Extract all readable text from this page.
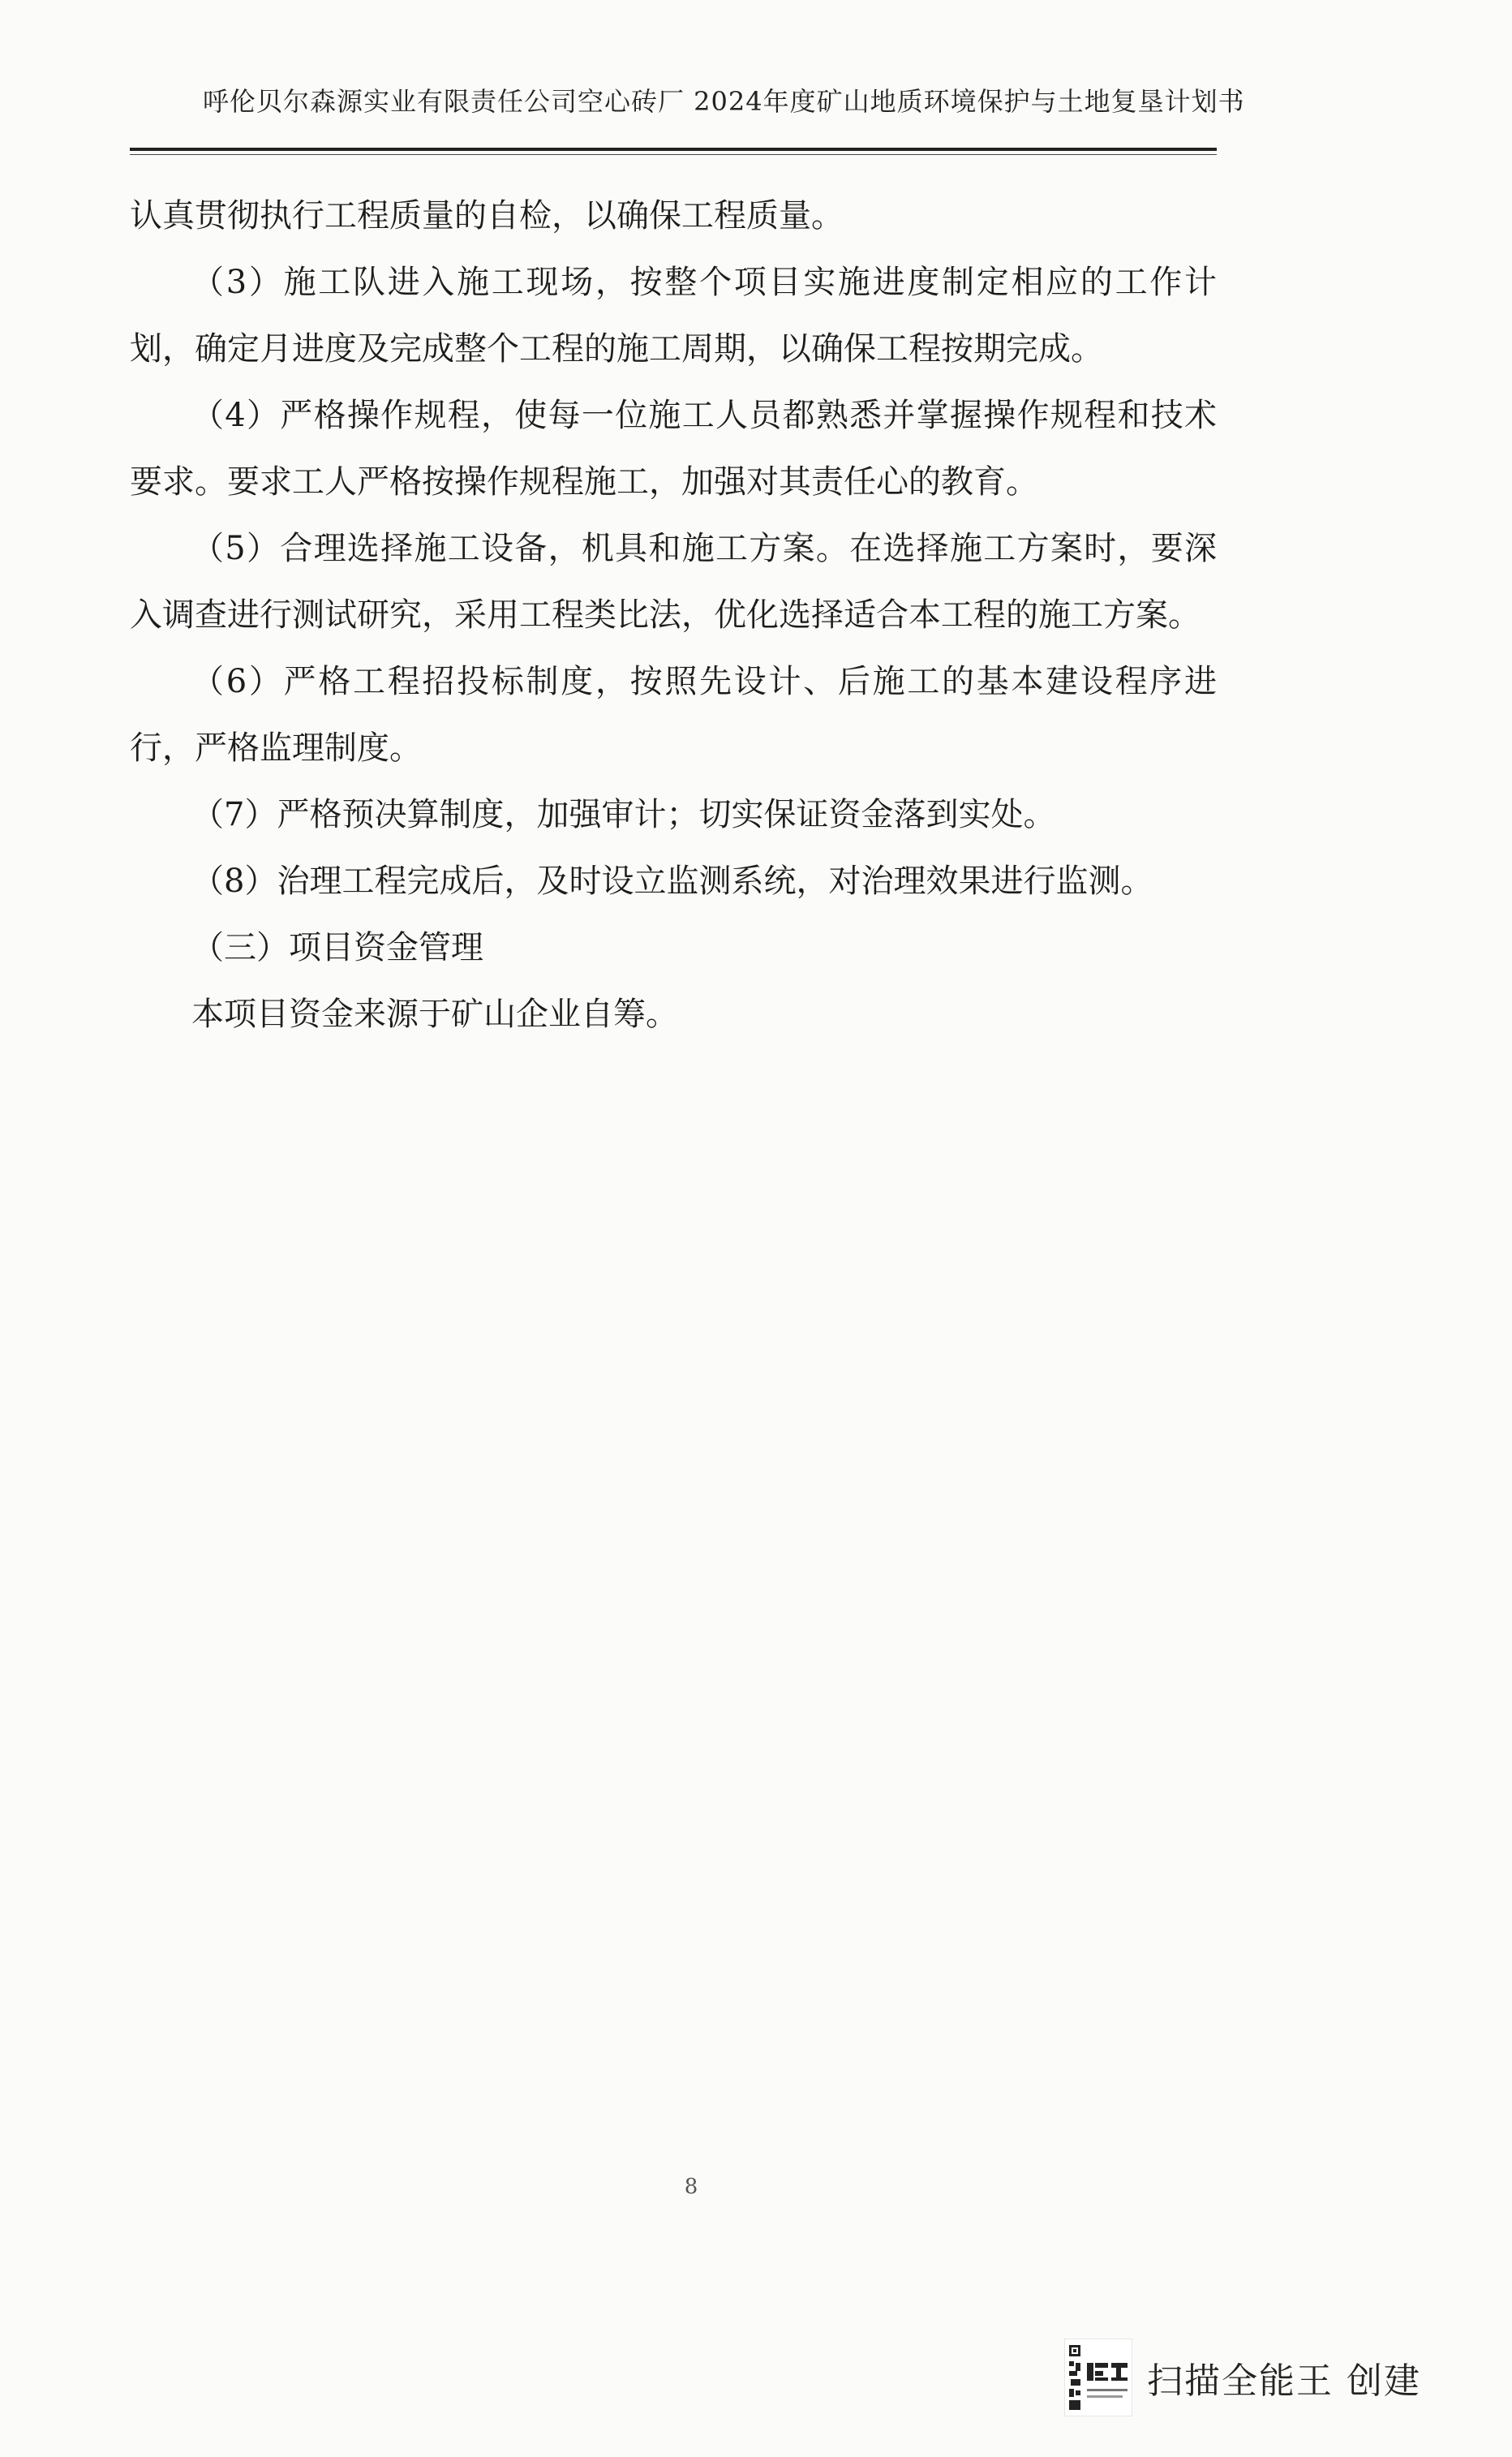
呼伦贝尔森源实业有限责任公司空心砖厂 2024年度矿山地质环境保护与土地复垦计划书

认真贯彻执行工程质量的自检，以确保工程质量。

（3）施工队进入施工现场，按整个项目实施进度制定相应的工作计划，确定月进度及完成整个工程的施工周期，以确保工程按期完成。

（4）严格操作规程，使每一位施工人员都熟悉并掌握操作规程和技术要求。要求工人严格按操作规程施工，加强对其责任心的教育。

（5）合理选择施工设备，机具和施工方案。在选择施工方案时，要深入调查进行测试研究，采用工程类比法，优化选择适合本工程的施工方案。

（6）严格工程招投标制度，按照先设计、后施工的基本建设程序进行，严格监理制度。

（7）严格预决算制度，加强审计；切实保证资金落到实处。

（8）治理工程完成后，及时设立监测系统，对治理效果进行监测。

（三）项目资金管理

本项目资金来源于矿山企业自筹。

8
扫描全能王 创建
